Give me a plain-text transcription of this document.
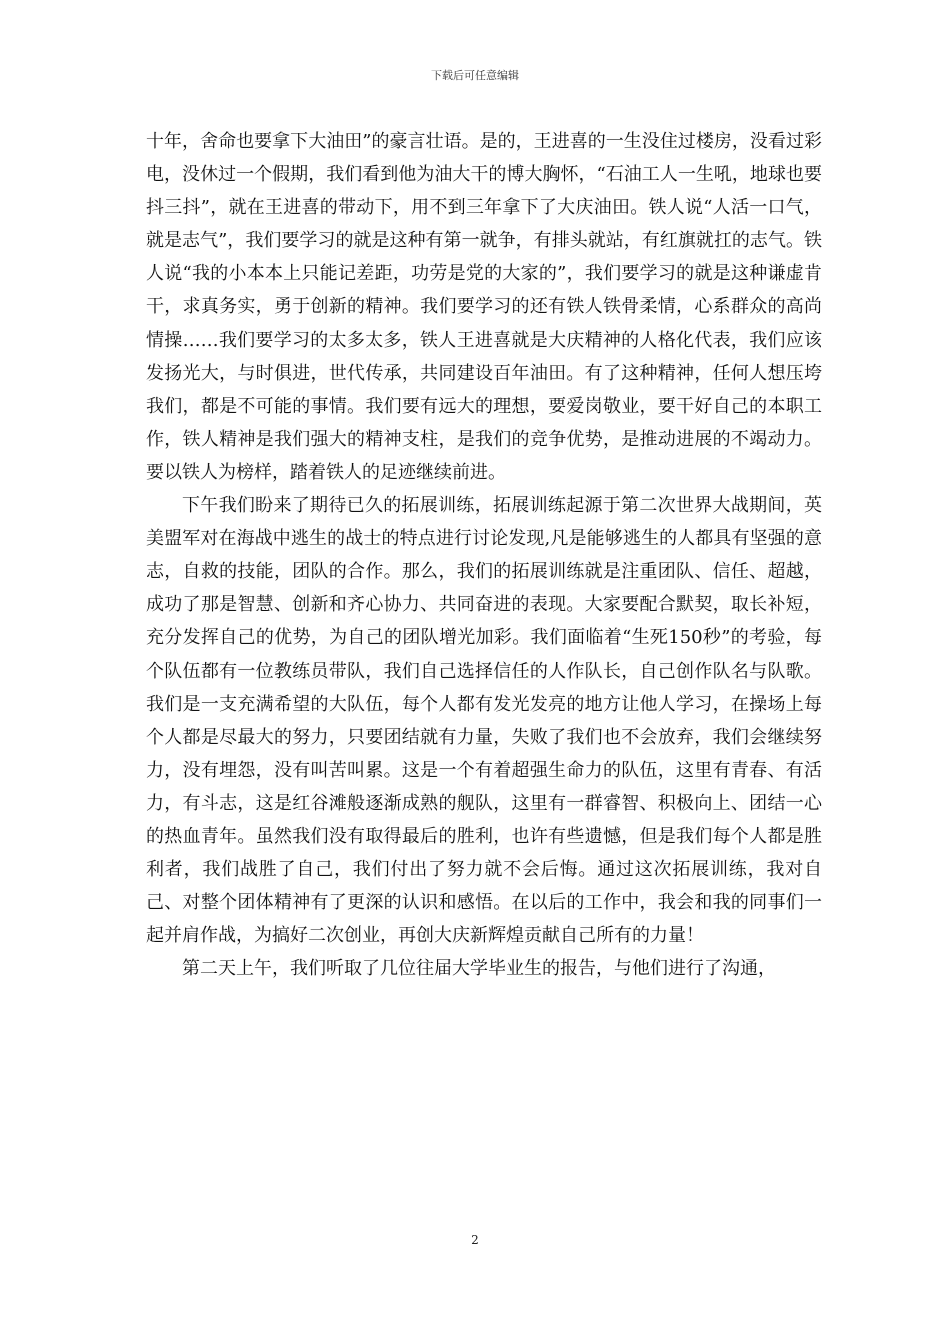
下载后可任意编辑

十年，舍命也要拿下大油田”的豪言壮语。是的，王进喜的一生没住过楼房，没看过彩电，没休过一个假期，我们看到他为油大干的博大胸怀，“石油工人一生吼，地球也要抖三抖”，就在王进喜的带动下，用不到三年拿下了大庆油田。铁人说“人活一口气，就是志气”，我们要学习的就是这种有第一就争，有排头就站，有红旗就扛的志气。铁人说“我的小本本上只能记差距，功劳是党的大家的”，我们要学习的就是这种谦虚肯干，求真务实，勇于创新的精神。我们要学习的还有铁人铁骨柔情，心系群众的高尚情操……我们要学习的太多太多，铁人王进喜就是大庆精神的人格化代表，我们应该发扬光大，与时俱进，世代传承，共同建设百年油田。有了这种精神，任何人想压垮我们，都是不可能的事情。我们要有远大的理想，要爱岗敬业，要干好自己的本职工作，铁人精神是我们强大的精神支柱，是我们的竞争优势，是推动进展的不竭动力。要以铁人为榜样，踏着铁人的足迹继续前进。

下午我们盼来了期待已久的拓展训练，拓展训练起源于第二次世界大战期间，英美盟军对在海战中逃生的战士的特点进行讨论发现,凡是能够逃生的人都具有坚强的意志，自救的技能，团队的合作。那么，我们的拓展训练就是注重团队、信任、超越，成功了那是智慧、创新和齐心协力、共同奋进的表现。大家要配合默契，取长补短，充分发挥自己的优势，为自己的团队增光加彩。我们面临着“生死150秒”的考验，每个队伍都有一位教练员带队，我们自己选择信任的人作队长，自己创作队名与队歌。我们是一支充满希望的大队伍，每个人都有发光发亮的地方让他人学习，在操场上每个人都是尽最大的努力，只要团结就有力量，失败了我们也不会放弃，我们会继续努力，没有埋怨，没有叫苦叫累。这是一个有着超强生命力的队伍，这里有青春、有活力，有斗志，这是红谷滩般逐渐成熟的舰队，这里有一群睿智、积极向上、团结一心的热血青年。虽然我们没有取得最后的胜利，也许有些遗憾，但是我们每个人都是胜利者，我们战胜了自己，我们付出了努力就不会后悔。通过这次拓展训练，我对自己、对整个团体精神有了更深的认识和感悟。在以后的工作中，我会和我的同事们一起并肩作战，为搞好二次创业，再创大庆新辉煌贡献自己所有的力量！

第二天上午，我们听取了几位往届大学毕业生的报告，与他们进行了沟通，

2
